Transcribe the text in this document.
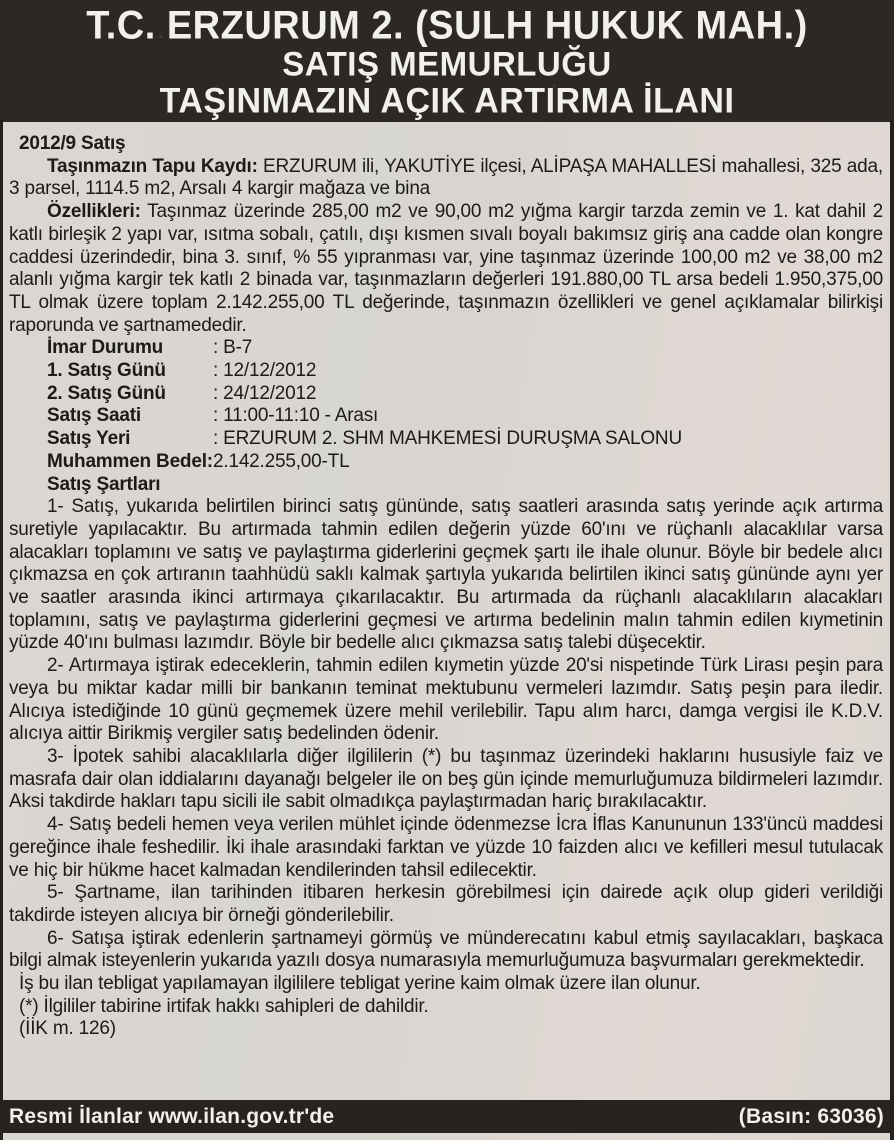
T.C. ERZURUM 2. (SULH HUKUK MAH.)
SATIŞ MEMURLUĞU
TAŞINMAZIN AÇIK ARTIRMA İLANI

2012/9 Satış

Taşınmazın Tapu Kaydı: ERZURUM ili, YAKUTİYE ilçesi, ALİPAŞA MAHALLESİ mahallesi, 325 ada, 3 parsel, 1114.5 m2, Arsalı 4 kargir mağaza ve bina

Özellikleri: Taşınmaz üzerinde 285,00 m2 ve 90,00 m2 yığma kargir tarzda zemin ve 1. kat dahil 2 katlı birleşik 2 yapı var, ısıtma sobalı, çatılı, dışı kısmen sıvalı boyalı bakımsız giriş ana cadde olan kongre caddesi üzerindedir, bina 3. sınıf, % 55 yıpranması var, yine taşınmaz üzerinde 100,00 m2 ve 38,00 m2 alanlı yığma kargir tek katlı 2 binada var, taşınmazların değerleri 191.880,00 TL arsa bedeli 1.950,375,00 TL olmak üzere toplam 2.142.255,00 TL değerinde, taşınmazın özellikleri ve genel açıklamalar bilirkişi raporunda ve şartnamededir.

İmar Durumu	: B-7
1. Satış Günü	: 12/12/2012
2. Satış Günü	: 24/12/2012
Satış Saati	: 11:00-11:10 - Arası
Satış Yeri	: ERZURUM 2. SHM MAHKEMESİ DURUŞMA SALONU
Muhammen Bedel: 2.142.255,00-TL
Satış Şartları

1- Satış, yukarıda belirtilen birinci satış gününde, satış saatleri arasında satış yerinde açık artırma suretiyle yapılacaktır. Bu artırmada tahmin edilen değerin yüzde 60'ını ve rüçhanlı alacaklılar varsa alacakları toplamını ve satış ve paylaştırma giderlerini geçmek şartı ile ihale olunur. Böyle bir bedele alıcı çıkmazsa en çok artıranın taahhüdü saklı kalmak şartıyla yukarıda belirtilen ikinci satış gününde aynı yer ve saatler arasında ikinci artırmaya çıkarılacaktır. Bu artırmada da rüçhanlı alacaklıların alacakları toplamını, satış ve paylaştırma giderlerini geçmesi ve artırma bedelinin malın tahmin edilen kıymetinin yüzde 40'ını bulması lazımdır. Böyle bir bedelle alıcı çıkmazsa satış talebi düşecektir.

2- Artırmaya iştirak edeceklerin, tahmin edilen kıymetin yüzde 20'si nispetinde Türk Lirası peşin para veya bu miktar kadar milli bir bankanın teminat mektubunu vermeleri lazımdır. Satış peşin para iledir. Alıcıya istediğinde 10 günü geçmemek üzere mehil verilebilir. Tapu alım harcı, damga vergisi ile K.D.V. alıcıya aittir Birikmiş vergiler satış bedelinden ödenir.

3- İpotek sahibi alacaklılarla diğer ilgililerin (*) bu taşınmaz üzerindeki haklarını hususiyle faiz ve masrafa dair olan iddialarını dayanağı belgeler ile on beş gün içinde memurluğumuza bildirmeleri lazımdır. Aksi takdirde hakları tapu sicili ile sabit olmadıkça paylaştırmadan hariç bırakılacaktır.

4- Satış bedeli hemen veya verilen mühlet içinde ödenmezse İcra İflas Kanununun 133'üncü maddesi gereğince ihale feshedilir. İki ihale arasındaki farktan ve yüzde 10 faizden alıcı ve kefilleri mesul tutulacak ve hiç bir hükme hacet kalmadan kendilerinden tahsil edilecektir.

5- Şartname, ilan tarihinden itibaren herkesin görebilmesi için dairede açık olup gideri verildiği takdirde isteyen alıcıya bir örneği gönderilebilir.

6- Satışa iştirak edenlerin şartnameyi görmüş ve münderecatını kabul etmiş sayılacakları, başkaca bilgi almak isteyenlerin yukarıda yazılı dosya numarasıyla memurluğumuza başvurmaları gerekmektedir.

İş bu ilan tebligat yapılamayan ilgililere tebligat yerine kaim olmak üzere ilan olunur.

(*) İlgililer tabirine irtifak hakkı sahipleri de dahildir.

(İİK m. 126)

Resmi İlanlar www.ilan.gov.tr'de	(Basın: 63036)
